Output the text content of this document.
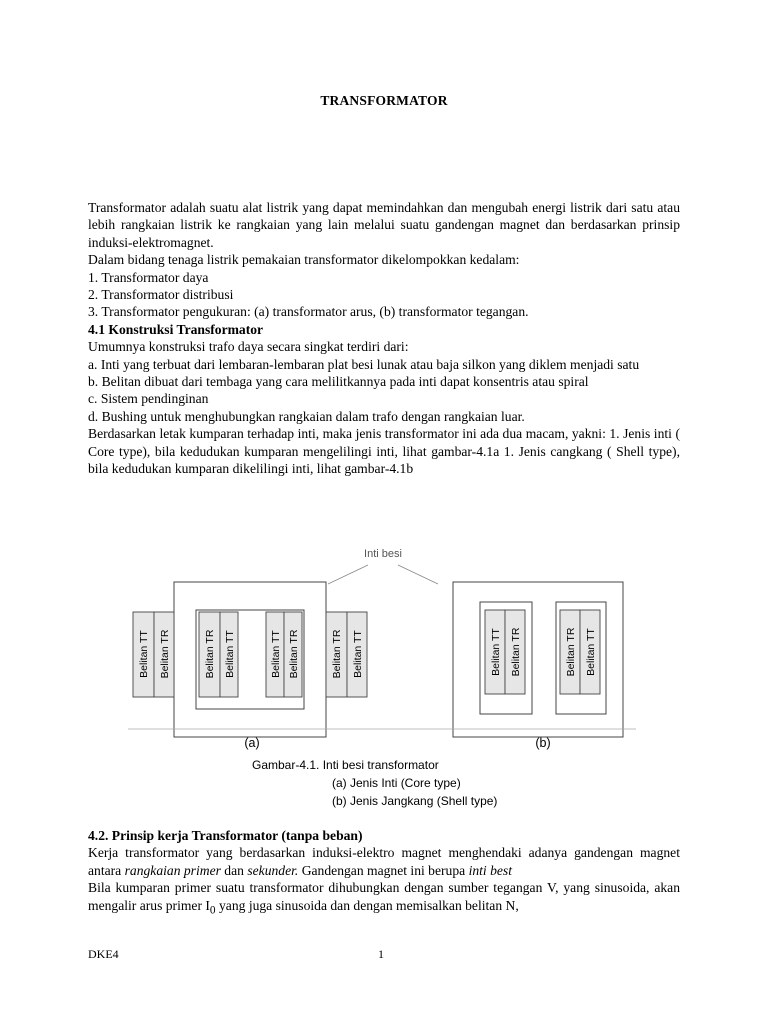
TRANSFORMATOR

Transformator adalah suatu alat listrik yang dapat memindahkan dan mengubah energi listrik dari satu atau lebih rangkaian listrik ke rangkaian yang lain melalui suatu gandengan magnet dan berdasarkan prinsip induksi-elektromagnet.

Dalam bidang tenaga listrik pemakaian transformator dikelompokkan kedalam:

1. Transformator daya
2. Transformator distribusi
3. Transformator pengukuran: (a) transformator arus, (b) transformator tegangan.
4.1 Konstruksi Transformator
Umumnya konstruksi trafo daya secara singkat terdiri dari:
a. Inti yang terbuat dari lembaran-lembaran plat besi lunak atau baja silkon yang diklem menjadi satu
b. Belitan dibuat dari tembaga yang cara melilitkannya pada inti dapat konsentris atau spiral
c. Sistem pendinginan
d. Bushing untuk menghubungkan rangkaian dalam trafo dengan rangkaian luar.

Berdasarkan letak kumparan terhadap inti, maka jenis transformator ini ada dua macam, yakni: 1. Jenis inti ( Core type), bila kedudukan kumparan mengelilingi inti, lihat gambar-4.1a 1. Jenis cangkang ( Shell type), bila kedudukan kumparan dikelilingi inti, lihat gambar-4.1b

Inti besi
Belitan TT Belitan TR	Belitan TR Belitan TT	Belitan TT Belitan TR	Belitan TR Belitan TT	Belitan TT Belitan TR	Belitan TR Belitan TT
(a)	(b)
Gambar-4.1. Inti besi transformator
(a) Jenis Inti (Core type)
(b) Jenis Jangkang (Shell type)
4.2. Prinsip kerja Transformator (tanpa beban)

Kerja transformator yang berdasarkan induksi-elektro magnet menghendaki adanya gandengan magnet antara rangkaian primer dan sekunder. Gandengan magnet ini berupa inti best

Bila kumparan primer suatu transformator dihubungkan dengan sumber tegangan V, yang sinusoida, akan mengalir arus primer $I_0$ yang juga sinusoida dan dengan memisalkan belitan N,

DKE4	1
